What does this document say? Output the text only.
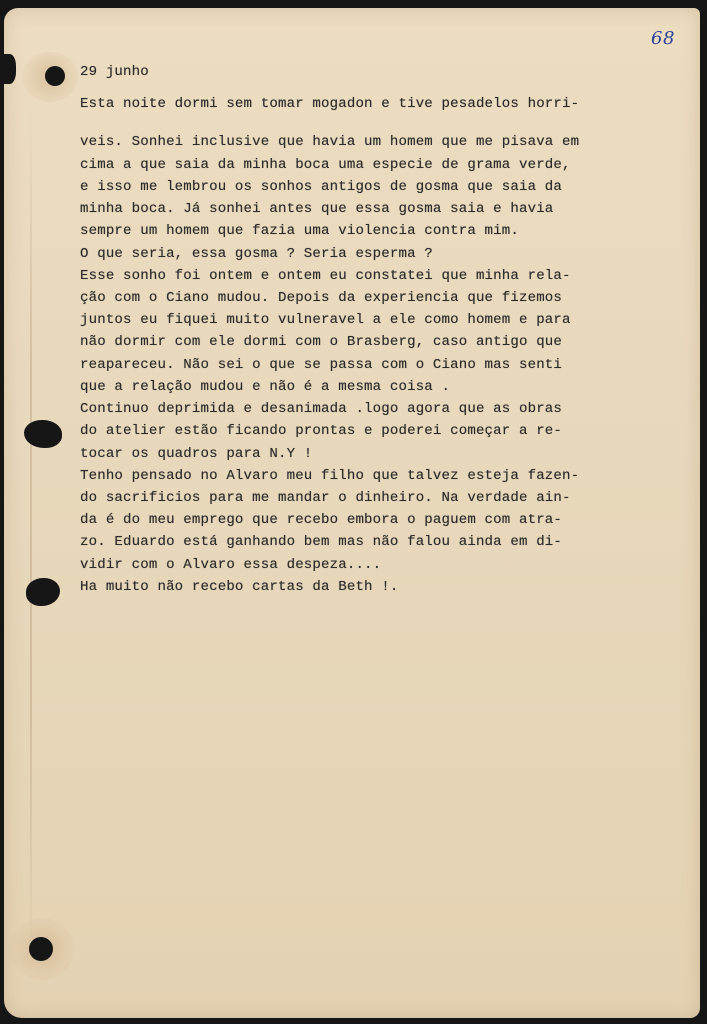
68
29 junho
Esta noite dormi sem tomar mogadon e tive pesadelos horri-
veis. Sonhei inclusive que havia um homem que me pisava em
cima a que saia da minha boca uma especie de grama verde,
e isso me lembrou os sonhos antigos de gosma que saia da
minha boca. Já sonhei antes que essa gosma saia e havia
sempre um homem que fazia uma violencia contra mim.
O que seria, essa gosma ? Seria esperma ?
Esse sonho foi ontem e ontem eu constatei que minha rela-
ção com o Ciano mudou. Depois da experiencia que fizemos
juntos eu fiquei muito vulneravel a ele como homem e para
não dormir com ele dormi com o Brasberg, caso antigo que
reapareceu. Não sei o que se passa com o Ciano mas senti
que a relação mudou e não é a mesma coisa .
Continuo deprimida e desanimada .logo agora que as obras
do atelier estão ficando prontas e poderei começar a re-
tocar os quadros para N.Y !
Tenho pensado no Alvaro meu filho que talvez esteja fazen-
do sacrificios para me mandar o dinheiro. Na verdade ain-
da é do meu emprego que recebo embora o paguem com atra-
zo. Eduardo está ganhando bem mas não falou ainda em di-
vidir com o Alvaro essa despeza....
Ha muito não recebo cartas da Beth !.
